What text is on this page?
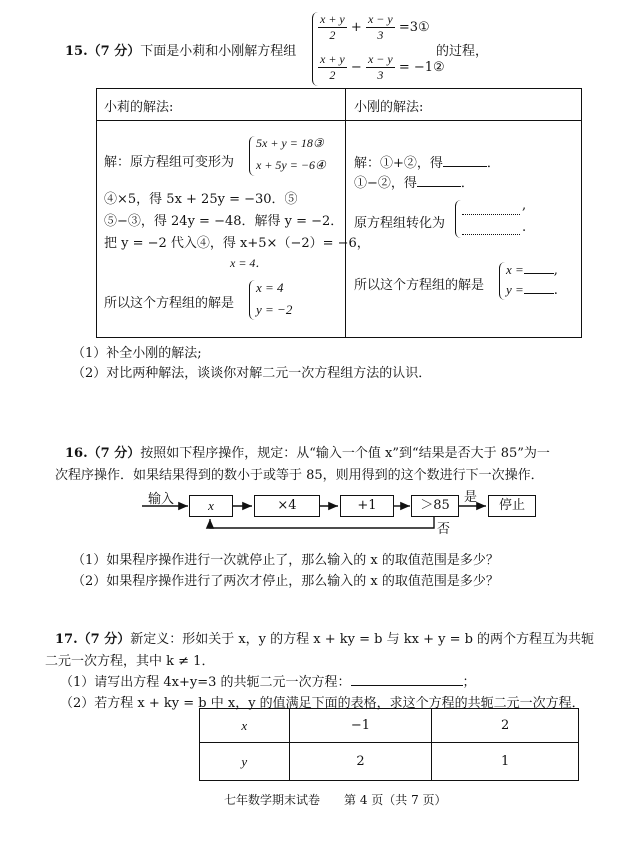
15.（7 分）下面是小莉和小刚解方程组
$\frac{x + y}{2} + \frac{x - y}{3}$ =3①
$\frac{x + y}{2} - \frac{x - y}{3}$ = −1②
的过程，
小莉的解法:	小刚的解法:
解：原方程组可变形为
5x + y = 18③
x + 5y = −6④
④×5，得 5x + 25y = −30．⑤
⑤−③，得 24y = −48．解得 y = −2．
把 y = −2 代入④，得 x+5×（−2）= −6，
x = 4．
所以这个方程组的解是
x = 4
y = −2
解：①+②，得	．
①−②，得	．
原方程组转化为
,
.
所以这个方程组的解是
x = ,
y = .
（1）补全小刚的解法;
（2）对比两种解法，谈谈你对解二元一次方程组方法的认识．
16.（7 分）按照如下程序操作，规定：从“输入一个值 x”到“结果是否大于 85”为一
次程序操作．如果结果得到的数小于或等于 85，则用得到的这个数进行下一次操作．
输入	x	×4	+1	＞85
是
停止
否
（1）如果程序操作进行一次就停止了，那么输入的 x 的取值范围是多少？
（2）如果程序操作进行了两次才停止，那么输入的 x 的取值范围是多少？
17.（7 分）新定义：形如关于 x，y 的方程 x + ky = b 与 kx + y = b 的两个方程互为共轭
二元一次方程，其中 k ≠ 1．
（1）请写出方程 4x+y=3 的共轭二元一次方程：	；
（2）若方程 x + ky = b 中 x，y 的值满足下面的表格，求这个方程的共轭二元一次方程．
x	−1	2
y	2	1
七年数学期末试卷　　第 4 页（共 7 页）
